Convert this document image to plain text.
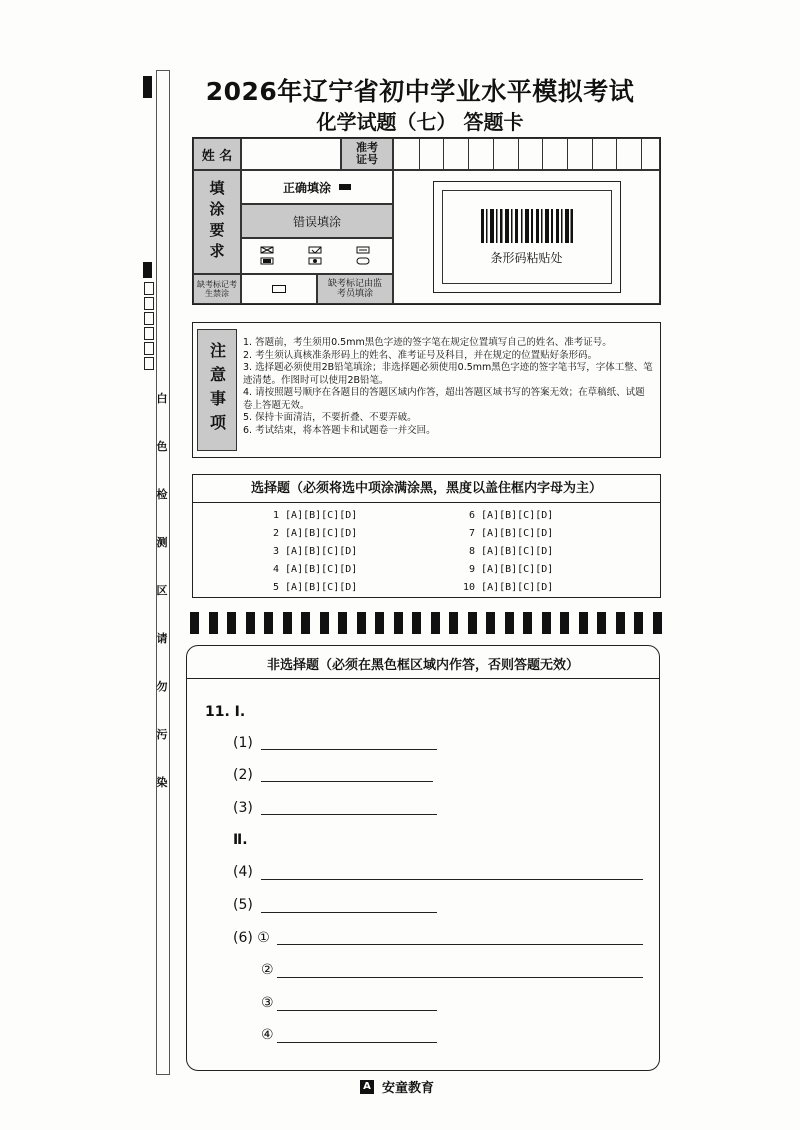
2026年辽宁省初中学业水平模拟考试
化学试题（七） 答题卡
白
色
检
测
区
请
勿
污
染
姓 名
准考
证号
填涂要求	正确填涂
错误填涂
缺考标记考生禁涂
缺考标记由监考员填涂
条形码粘贴处
注意事项 1. 答题前，考生须用0.5mm黑色字迹的签字笔在规定位置填写自己的姓名、准考证号。
2. 考生须认真核准条形码上的姓名、准考证号及科目，并在规定的位置贴好条形码。
3. 选择题必须使用2B铅笔填涂；非选择题必须使用0.5mm黑色字迹的签字笔书写，字体工整、笔迹清楚。作图时可以使用2B铅笔。
4. 请按照题号顺序在各题目的答题区域内作答，超出答题区域书写的答案无效；在草稿纸、试题卷上答题无效。
5. 保持卡面清洁，不要折叠、不要弄破。
6. 考试结束，将本答题卡和试题卷一并交回。
选择题（必须将选中项涂满涂黑，黑度以盖住框内字母为主）
1 [A][B][C][D]
2 [A][B][C][D]
3 [A][B][C][D]
4 [A][B][C][D]
5 [A][B][C][D]
6 [A][B][C][D]
7 [A][B][C][D]
8 [A][B][C][D]
9 [A][B][C][D]
10 [A][B][C][D]
非选择题（必须在黑色框区域内作答，否则答题无效）
11. Ⅰ.
(1)
(2)
(3)
Ⅱ.
(4)
(5)
(6) ①
②
③
④
A 安童教育
